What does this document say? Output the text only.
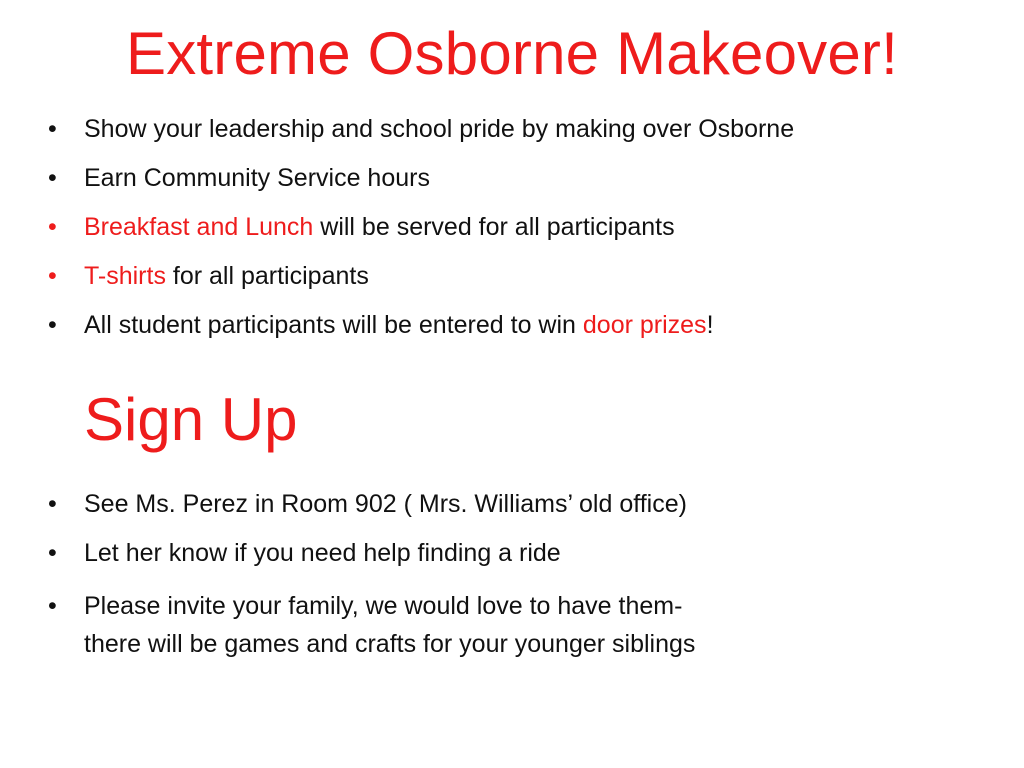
Extreme Osborne Makeover!
• Show your leadership and school pride by making over Osborne
• Earn Community Service hours
• Breakfast and Lunch will be served for all participants
• T-shirts for all participants
• All student participants will be entered to win door prizes!
Sign Up
• See Ms. Perez in Room 902 ( Mrs. Williams’ old office)
• Let her know if you need help finding a ride
• Please invite your family, we would love to have them-
there will be games and crafts for your younger siblings
